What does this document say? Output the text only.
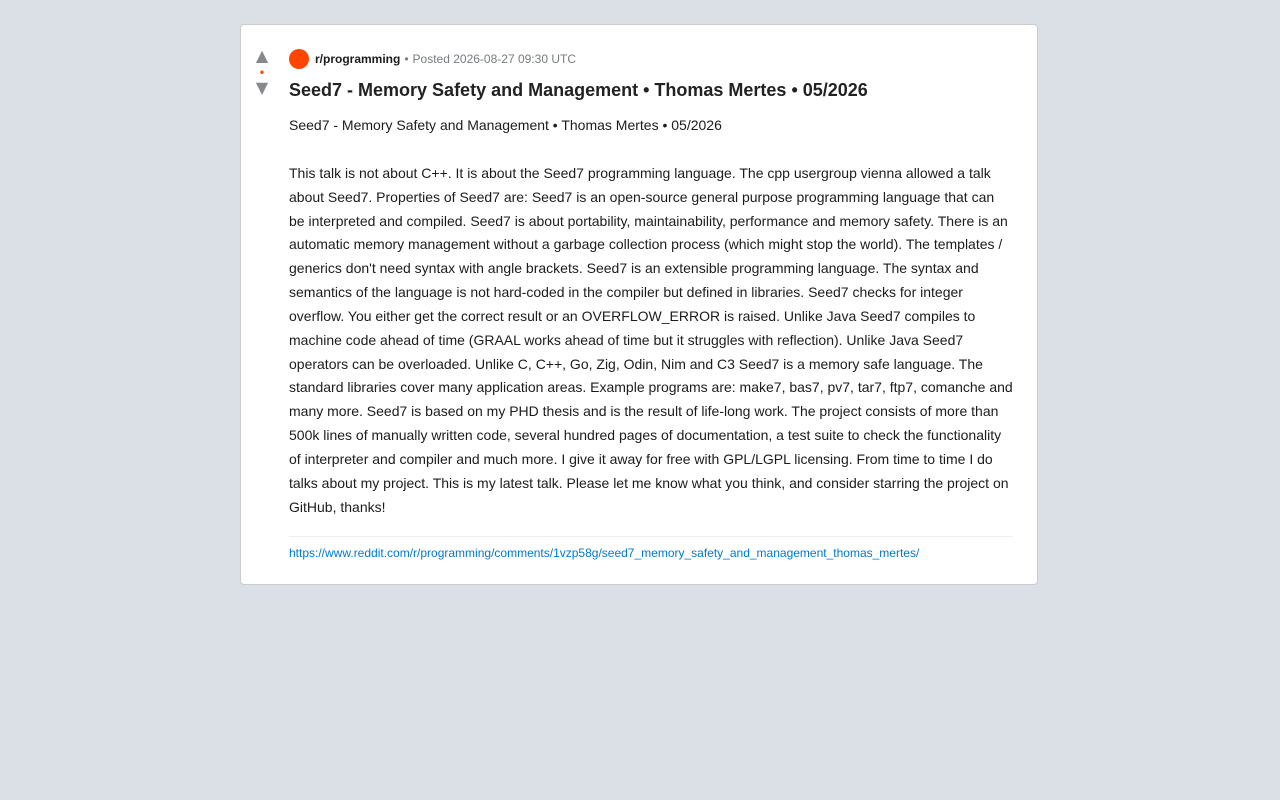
▲
•
▼
r/programming • Posted 2026-08-27 09:30 UTC
Seed7 - Memory Safety and Management • Thomas Mertes • 05/2026

Seed7 - Memory Safety and Management • Thomas Mertes • 05/2026

This talk is not about C++. It is about the Seed7 programming language. The cpp usergroup vienna allowed a talk about Seed7. Properties of Seed7 are: Seed7 is an open-source general purpose programming language that can be interpreted and compiled. Seed7 is about portability, maintainability, performance and memory safety. There is an automatic memory management without a garbage collection process (which might stop the world). The templates / generics don't need syntax with angle brackets. Seed7 is an extensible programming language. The syntax and semantics of the language is not hard-coded in the compiler but defined in libraries. Seed7 checks for integer overflow. You either get the correct result or an OVERFLOW_ERROR is raised. Unlike Java Seed7 compiles to machine code ahead of time (GRAAL works ahead of time but it struggles with reflection). Unlike Java Seed7 operators can be overloaded. Unlike C, C++, Go, Zig, Odin, Nim and C3 Seed7 is a memory safe language. The standard libraries cover many application areas. Example programs are: make7, bas7, pv7, tar7, ftp7, comanche and many more. Seed7 is based on my PHD thesis and is the result of life-long work. The project consists of more than 500k lines of manually written code, several hundred pages of documentation, a test suite to check the functionality of interpreter and compiler and much more. I give it away for free with GPL/LGPL licensing. From time to time I do talks about my project. This is my latest talk. Please let me know what you think, and consider starring the project on GitHub, thanks!

https://www.reddit.com/r/programming/comments/1vzp58g/seed7_memory_safety_and_management_thomas_mertes/
